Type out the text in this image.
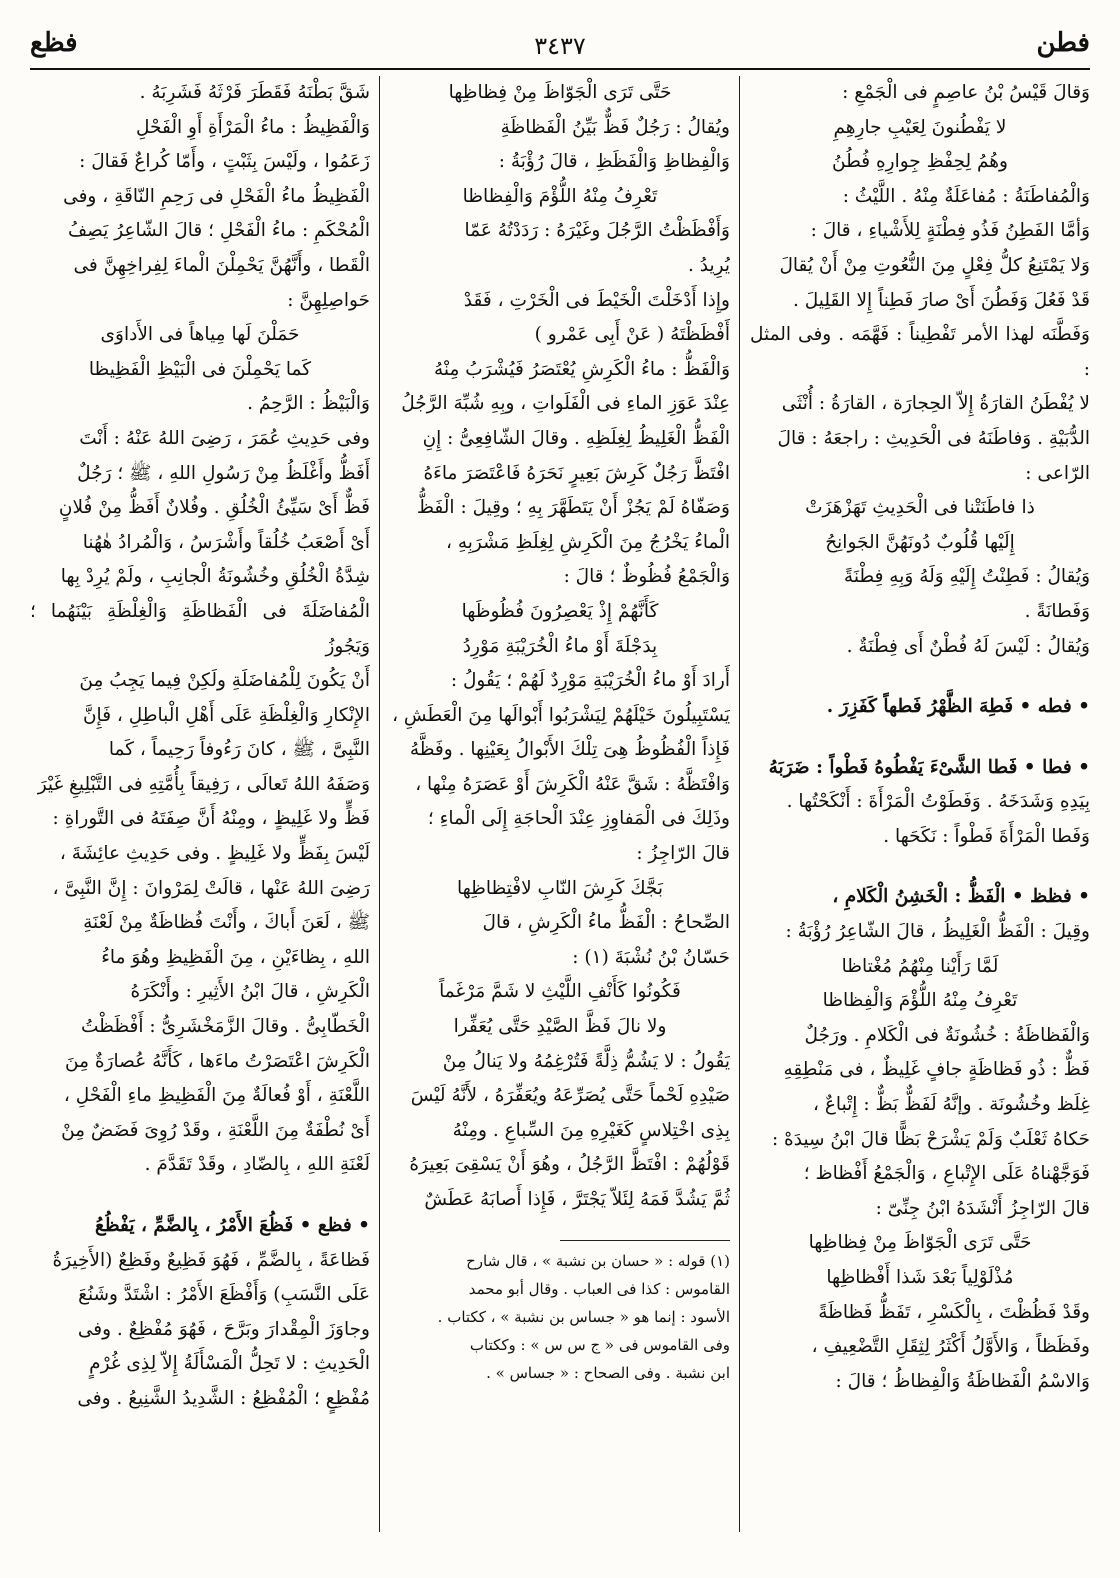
فطن
٣٤٣٧
فظع

وَقالَ قَيْسُ بْنُ عاصِمٍ فى الْجَمْعِ :

لا يَفْطُنونَ لِعَيْبِ جارِهِمِ

وهُمُ لِحِفْظِ جِوارِهِ فُطُنُ

وَالْمُفاطَنَةُ : مُفاعَلَةٌ مِنْهُ . اللَّيْثُ :

وَأمَّا الفَطِنُ فَذُو فِطْنَةٍ لِلأَشْياءِ ، قالَ :

وَلا يَمْتَنِعُ كلُّ فِعْلٍ مِنَ النُّعُوتِ مِنْ أَنْ يُقالَ

قَدْ فَعُلَ وَفَطُنَ أَىْ صارَ فَطِناً إِلا القَلِيلَ .

وَفَطَّنَه لهذا الأمر تَفْطِيناً : فَهَّمَه . وفى المثل :

لا يُفْطَنُ القارَةُ إِلاّ الحِجارَة ، القارَةُ : أُنْثَى

الدُّبَيْةِ . وَفاطَنَهُ فى الْحَدِيثِ : راجعَهُ : قالَ

الرّاعى :

ذا فاطَنَتْنا فى الْحَدِيثِ تَهَزْهَزَتْ

إِلَيْها قُلُوبٌ دُونَهُنَّ الجَوانِحُ

وَيُقالُ : فَطِنْتُ إِلَيْهِ وَلَهُ وَبِهِ فِطْنَةً

وَفَطانَةً .

وَيُقالُ : لَيْسَ لَهُ فُطْنٌ أَى فِطْنَةٌ .

• فطه • فَطِهَ الظَّهْرُ فَطهاً كَفَزِرَ .

• فطا • فَطا الشَّىْءَ يَفْطُوهُ فَطْواً : ضَرَبَهُ

بِيَدِهِ وَشَدَخَهُ . وَفَطَوْتُ الْمَرْأَةَ : أَنْكَحْتُها .

وَفَطا الْمَرْأَةَ فَطْواً : نَكَحَها .

• فظظ • الْفَظُّ : الْخَشِنُ الْكَلامِ ،

وقِيلَ : الْفَظُّ الْغَلِيظُ ، قالَ الشّاعِرُ رُؤْبَةُ :

لَمَّا رَأَيْنا مِنْهُمُ مُغْتاظا

تَعْرِفُ مِنْهُ اللُّؤْمَ وَالْفِظاظا

وَالْفَظاظَةُ : خُشُونَةٌ فى الْكَلامِ . ورَجُلٌ

فَظٌّ : ذُو فَظاظَةٍ جافٍ غَلِيظٌ ، فى مَنْطِقِهِ

غِلَظ وخُشُونَة . وإنَّهُ لَفَظٌّ بَظٌّ : إِتْباعٌ ،

حَكاهُ ثَعْلَبٌ وَلَمْ يَشْرَحْ بَظًّا قالَ ابْنُ سِيدَهْ :

فَوَجَّهْناهُ عَلَى الإِتْباعِ ، وَالْجَمْعُ أَفْظاظ ؛

قالَ الرّاجِزُ أَنْشَدَهُ ابْنُ جِنِّىّ :

حَتَّى تَرَى الْجَوّاظَ مِنْ فِظاظِها

مُذْلَوْلِياً بَعْدَ شَذا أَفْظاظِها

وقَدْ فَظُظْتَ ، بِالْكَسْرِ ، تَفَظُّ فَظاظَةً

وفَظَظاً ، وَالأَوَّلُ أَكْثَرُ لِثِقَلِ التَّضْعِيفِ ،

وَالاسْمُ الْفَظاظَةُ وَالْفِظاظُ ؛ قالَ :

حَتَّى تَرَى الْجَوّاظَ مِنْ فِظاظِها

ويُقالُ : رَجُلٌ فَظٌّ بَيِّنُ الْفَظاظَةِ

وَالْفِظاظِ وَالْفَظَظِ ، قالَ رُؤْبَةُ :

تَعْرِفُ مِنْهُ اللُّؤْمَ وَالْفِظاظا

وَأَفْظَظْتُ الرَّجُلَ وغَيْرَهُ : رَدَدْتُهُ عَمّا

يُرِيدُ .

وإِذا أَدْخَلْتَ الْخَيْطَ فى الْخَرْتِ ، فَقَدْ

أَفْظَظْتَهُ ( عَنْ أَبِى عَمْرو )

وَالْفَظُّ : ماءُ الْكَرِشِ يُعْتَصَرُ فَيُشْرَبُ مِنْهُ

عِنْدَ عَوَزِ الماءِ فى الْفَلَواتِ ، وبِهِ شُبِّهَ الرَّجُلُ

الْفَظُّ الْغَلِيظُ لِغِلَظِهِ . وقالَ الشّافِعِىُّ : إِنِ

افْتَظَّ رَجُلٌ كَرِشَ بَعِيرٍ نَحَرَهُ فَاعْتَصَرَ ماءَهُ

وَصَفّاهُ لَمْ يَجُزْ أَنْ يَتَطَهَّرَ بِهِ ؛ وقِيلَ : الْفَظُّ

الْماءُ يَخْرُجُ مِنَ الْكَرِشِ لِغِلَظِ مَشْرَبِهِ ،

وَالْجَمْعُ فُظُوظٌ ؛ قالَ :

كَأَنَّهُمْ إِذْ يَعْصِرُونَ فُظُوظَها

بِدَجْلَةَ أَوْ ماءُ الْخُرَيْبَةِ مَوْرِدُ

أَرادَ أَوْ ماءُ الْخُرَيْبَةِ مَوْرِدٌ لَهُمْ ؛ يَقُولُ :

يَسْتَبِيلُونَ خَيْلَهُمْ لِيَشْرَبُوا أَبْوالَها مِنَ الْعَطَشِ ،

فَإِذاً الْفُظُوظُ هِىَ تِلْكَ الأَبْوالُ بِعَيْنِها . وفَظَّهُ

وَافْتَظَّهُ : شَقَّ عَنْهُ الْكَرِشَ أَوْ عَصَرَهُ مِنْها ،

وذَلِكَ فى الْمَفاوِزِ عِنْدَ الْحاجَةِ إِلَى الْماءِ ؛

قالَ الرّاجِزُ :

بَجَّكَ كَرِشَ النّابِ لافْتِظاظِها

الصِّحاحُ : الْفَظُّ ماءُ الْكَرِشِ ، قالَ

حَسّانُ بْنُ نُشْبَةَ (١) :

فَكُونُوا كَأَنْفِ اللَّيْثِ لا شَمَّ مَرْغَماً

ولا نالَ فَظَّ الصَّيْدِ حَتَّى يُعَفِّرا

يَقُولُ : لا يَشُمُّ ذِلَّةً فَتُرْغِمُهُ ولا يَنالُ مِنْ

صَيْدِهِ لَحْماً حَتَّى يُصَرِّعَهُ ويُعَفِّرَهُ ، لأَنَّهُ لَيْسَ

بِذِى اخْتِلاسٍ كَغَيْرِهِ مِنَ السِّباعِ . ومِنْهُ

قَوْلُهُمْ : افْتَظَّ الرَّجُلُ ، وهُوَ أَنْ يَسْقِىَ بَعِيرَهُ

ثُمَّ يَشُدَّ فَمَهُ لِئَلاّ يَجْتَرَّ ، فَإِذا أَصابَهُ عَطَشٌ

(١) قوله : « حسان بن نشبة » ، قال شارح

القاموس : كذا فى العباب . وقال أبو محمد

الأسود : إنما هو « جساس بن نشبة » ، ككتاب .

وفى القاموس فى « ج س س » : وككتاب

ابن نشبة . وفى الصحاح : « جساس » .

شَقَّ بَطْنَهُ فَقَطَرَ فَرْثَهُ فَشَرِبَهُ .

وَالْفَظِيظُ : ماءُ الْمَرْأَةِ أَوِ الْفَحْلِ

زَعَمُوا ، ولَيْسَ بِثَبْتٍ ، وأَمّا كُراعٌ فَقالَ :

الْفَظِيظُ ماءُ الْفَحْلِ فى رَحِمِ النّاقَةِ ، وفى

الْمُحْكَمِ : ماءُ الْفَحْلِ ؛ قالَ الشّاعِرُ يَصِفُ

الْقَطا ، وأَنَّهُنَّ يَحْمِلْنَ الْماءَ لِفِراخِهِنَّ فى

حَواصِلِهِنَّ :

حَمَلْنَ لَها مِياهاً فى الأَداوَى

كَما يَحْمِلْنَ فى الْبَيْظِ الْفَظِيظا

وَالْبَيْظُ : الرَّحِمُ .

وفى حَدِيثِ عُمَرَ ، رَضِىَ اللهُ عَنْهُ : أَنْتَ

أَفَظُّ وأَغْلَظُ مِنْ رَسُولِ اللهِ ، ﷺ ؛ رَجُلٌ

فَظٌّ أَىْ سَيِّئُ الْخُلُقِ . وفُلانٌ أَفَظُّ مِنْ فُلانٍ

أَىْ أَصْعَبُ خُلُقاً وأَشْرَسُ ، وَالْمُرادُ هٰهُنا

شِدَّةُ الْخُلُقِ وخُشُونَةُ الْجانِبِ ، ولَمْ يُرِدْ بِها

الْمُفاضَلَةَ فى الْفَظاظَةِ وَالْغِلْظَةِ بَيْنَهُما ؛ وَيَجُوزُ

أَنْ يَكُونَ لِلْمُفاضَلَةِ ولَكِنْ فِيما يَجِبُ مِنَ

الإِنْكارِ وَالْغِلْظَةِ عَلَى أَهْلِ الْباطِلِ ، فَإِنَّ

النَّبِىَّ ، ﷺ ، كانَ رَءُوفاً رَحِيماً ، كَما

وَصَفَهُ اللهُ تَعالَى ، رَفِيقاً بِأُمَّتِهِ فى التَّبْلِيغِ غَيْرَ

فَظٍّ ولا غَلِيظٍ ، ومِنْهُ أَنَّ صِفَتَهُ فى التَّوراةِ :

لَيْسَ بِفَظٍّ ولا غَلِيظٍ . وفى حَدِيثِ عائِشَةَ ،

رَضِىَ اللهُ عَنْها ، قالَتْ لِمَرْوانَ : إِنَّ النَّبِىَّ ،

ﷺ ، لَعَنَ أَباكَ ، وأَنْتَ فُظاظَةٌ مِنْ لَعْنَةِ

اللهِ ، بِظاءَيْنِ ، مِنَ الْفَظِيظِ وهُوَ ماءُ

الْكَرِشِ ، قالَ ابْنُ الأَثِيرِ : وأَنْكَرَهُ

الْخَطّابِىُّ . وقالَ الزَّمَخْشَرِىُّ : أَفْظَظْتُ

الْكَرِشَ اعْتَصَرْتُ ماءَها ، كَأَنَّهُ عُصارَةٌ مِنَ

اللَّعْنَةِ ، أَوْ فُعالَةٌ مِنَ الْفَظِيظِ ماءِ الْفَحْلِ ،

أَىْ نُطْفَةٌ مِنَ اللَّعْنَةِ ، وقَدْ رُوِىَ فَضَضٌ مِنْ

لَعْنَةِ اللهِ ، بِالضّادِ ، وقَدْ تَقَدَّمَ .

• فظع • فَظُعَ الأَمْرُ ، بِالضَّمِّ ، يَفْظُعُ

فَظاعَةً ، بِالضَّمِّ ، فَهُوَ فَظِيعٌ وفَظِعٌ (الأَخِيرَةُ

عَلَى النَّسَبِ) وَأَفْظَعَ الأَمْرُ : اشْتَدَّ وشَنُعَ

وجاوَزَ الْمِقْدارَ وبَرَّحَ ، فَهُوَ مُفْظِعٌ . وفى

الْحَدِيثِ : لا تَحِلُّ الْمَسْأَلَةُ إِلاّ لِذِى غُرْمٍ

مُفْظِعٍ ؛ الْمُفْظِعُ : الشَّدِيدُ الشَّنِيعُ . وفى
